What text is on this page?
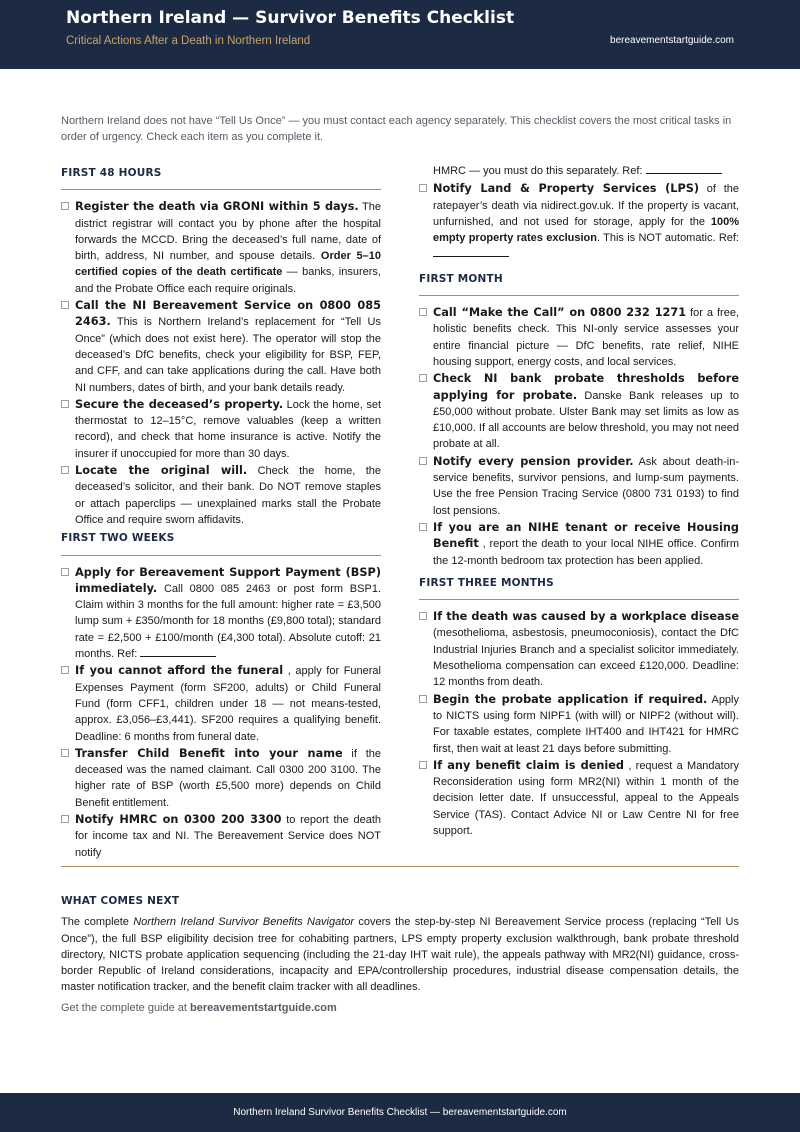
Northern Ireland — Survivor Benefits Checklist
Critical Actions After a Death in Northern Ireland	bereavementstartguide.com
Northern Ireland does not have “Tell Us Once” — you must contact each agency separately. This checklist covers the most critical tasks in order of urgency. Check each item as you complete it.
FIRST 48 HOURS
Register the death via GRONI within 5 days. The district registrar will contact you by phone after the hospital forwards the MCCD. Bring the deceased’s full name, date of birth, address, NI number, and spouse details. Order 5–10 certified copies of the death certificate — banks, insurers, and the Probate Office each require originals.
Call the NI Bereavement Service on 0800 085 2463. This is Northern Ireland’s replacement for “Tell Us Once” (which does not exist here). The operator will stop the deceased’s DfC benefits, check your eligibility for BSP, FEP, and CFF, and can take applications during the call. Have both NI numbers, dates of birth, and your bank details ready.
Secure the deceased’s property. Lock the home, set thermostat to 12–15°C, remove valuables (keep a written record), and check that home insurance is active. Notify the insurer if unoccupied for more than 30 days.
Locate the original will. Check the home, the deceased’s solicitor, and their bank. Do NOT remove staples or attach paperclips — unexplained marks stall the Probate Office and require sworn affidavits.
FIRST TWO WEEKS
Apply for Bereavement Support Payment (BSP) immediately. Call 0800 085 2463 or post form BSP1. Claim within 3 months for the full amount: higher rate = £3,500 lump sum + £350/month for 18 months (£9,800 total); standard rate = £2,500 + £100/month (£4,300 total). Absolute cutoff: 21 months. Ref:
If you cannot afford the funeral , apply for Funeral Expenses Payment (form SF200, adults) or Child Funeral Fund (form CFF1, children under 18 — not means-tested, approx. £3,056–£3,441). SF200 requires a qualifying benefit. Deadline: 6 months from funeral date.
Transfer Child Benefit into your name if the deceased was the named claimant. Call 0300 200 3100. The higher rate of BSP (worth £5,500 more) depends on Child Benefit entitlement.
Notify HMRC on 0300 200 3300 to report the death for income tax and NI. The Bereavement Service does NOT notify
HMRC — you must do this separately. Ref:
Notify Land & Property Services (LPS) of the ratepayer’s death via nidirect.gov.uk. If the property is vacant, unfurnished, and not used for storage, apply for the 100% empty property rates exclusion. This is NOT automatic. Ref:
FIRST MONTH
Call “Make the Call” on 0800 232 1271 for a free, holistic benefits check. This NI-only service assesses your entire financial picture — DfC benefits, rate relief, NIHE housing support, energy costs, and local services.
Check NI bank probate thresholds before applying for probate. Danske Bank releases up to £50,000 without probate. Ulster Bank may set limits as low as £10,000. If all accounts are below threshold, you may not need probate at all.
Notify every pension provider. Ask about death-in-service benefits, survivor pensions, and lump-sum payments. Use the free Pension Tracing Service (0800 731 0193) to find lost pensions.
If you are an NIHE tenant or receive Housing Benefit , report the death to your local NIHE office. Confirm the 12-month bedroom tax protection has been applied.
FIRST THREE MONTHS
If the death was caused by a workplace disease (mesothelioma, asbestosis, pneumoconiosis), contact the DfC Industrial Injuries Branch and a specialist solicitor immediately. Mesothelioma compensation can exceed £120,000. Deadline: 12 months from death.
Begin the probate application if required. Apply to NICTS using form NIPF1 (with will) or NIPF2 (without will). For taxable estates, complete IHT400 and IHT421 for HMRC first, then wait at least 21 days before submitting.
If any benefit claim is denied , request a Mandatory Reconsideration using form MR2(NI) within 1 month of the decision letter date. If unsuccessful, appeal to the Appeals Service (TAS). Contact Advice NI or Law Centre NI for free support.
WHAT COMES NEXT
The complete Northern Ireland Survivor Benefits Navigator covers the step-by-step NI Bereavement Service process (replacing “Tell Us Once”), the full BSP eligibility decision tree for cohabiting partners, LPS empty property exclusion walkthrough, bank probate threshold directory, NICTS probate application sequencing (including the 21-day IHT wait rule), the appeals pathway with MR2(NI) guidance, cross-border Republic of Ireland considerations, incapacity and EPA/controllership procedures, industrial disease compensation details, the master notification tracker, and the benefit claim tracker with all deadlines.
Get the complete guide at bereavementstartguide.com
Northern Ireland Survivor Benefits Checklist — bereavementstartguide.com
